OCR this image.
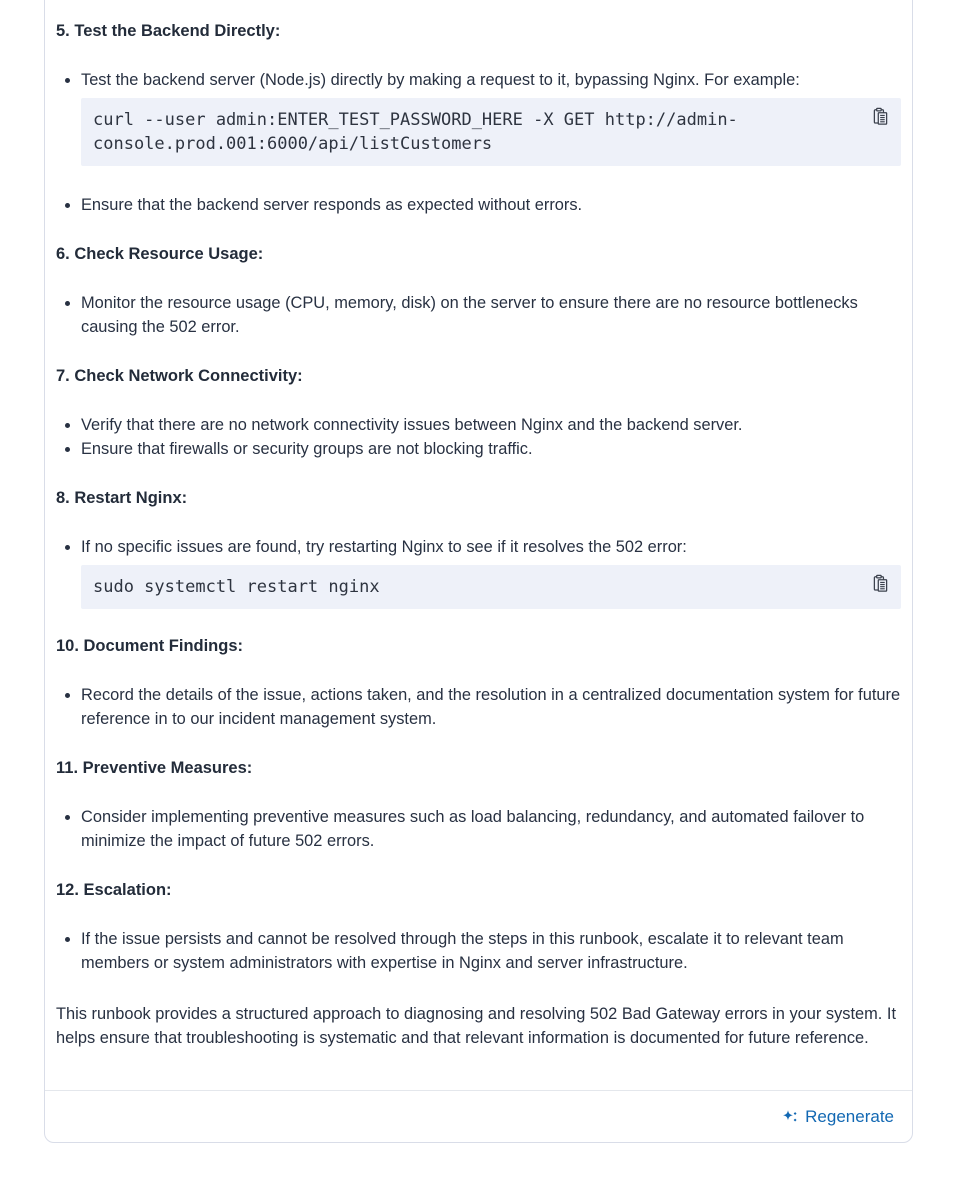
5. Test the Backend Directly:
• Test the backend server (Node.js) directly by making a request to it, bypassing Nginx. For example:
curl --user admin:ENTER_TEST_PASSWORD_HERE -X GET http://admin-console.prod.001:6000/api/listCustomers
• Ensure that the backend server responds as expected without errors.
6. Check Resource Usage:
• Monitor the resource usage (CPU, memory, disk) on the server to ensure there are no resource bottlenecks causing the 502 error.
7. Check Network Connectivity:
• Verify that there are no network connectivity issues between Nginx and the backend server.
• Ensure that firewalls or security groups are not blocking traffic.
8. Restart Nginx:
• If no specific issues are found, try restarting Nginx to see if it resolves the 502 error:
sudo systemctl restart nginx
10. Document Findings:
• Record the details of the issue, actions taken, and the resolution in a centralized documentation system for future reference in to our incident management system.
11. Preventive Measures:
• Consider implementing preventive measures such as load balancing, redundancy, and automated failover to minimize the impact of future 502 errors.
12. Escalation:
• If the issue persists and cannot be resolved through the steps in this runbook, escalate it to relevant team members or system administrators with expertise in Nginx and server infrastructure.

This runbook provides a structured approach to diagnosing and resolving 502 Bad Gateway errors in your system. It helps ensure that troubleshooting is systematic and that relevant information is documented for future reference.

Regenerate
